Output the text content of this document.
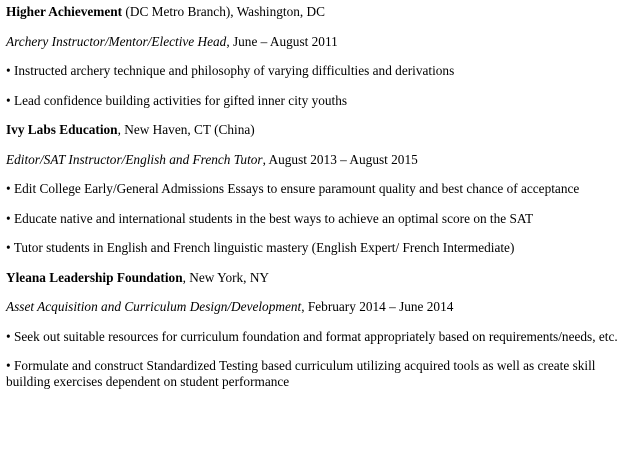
Higher Achievement (DC Metro Branch), Washington, DC

Archery Instructor/Mentor/Elective Head, June – August 2011

• Instructed archery technique and philosophy of varying difficulties and derivations

• Lead confidence building activities for gifted inner city youths

Ivy Labs Education, New Haven, CT (China)

Editor/SAT Instructor/English and French Tutor, August 2013 – August 2015

• Edit College Early/General Admissions Essays to ensure paramount quality and best chance of acceptance

• Educate native and international students in the best ways to achieve an optimal score on the SAT

• Tutor students in English and French linguistic mastery (English Expert/ French Intermediate)

Yleana Leadership Foundation, New York, NY

Asset Acquisition and Curriculum Design/Development, February 2014 – June 2014

• Seek out suitable resources for curriculum foundation and format appropriately based on requirements/needs, etc.

• Formulate and construct Standardized Testing based curriculum utilizing acquired tools as well as create skill building exercises dependent on student performance
